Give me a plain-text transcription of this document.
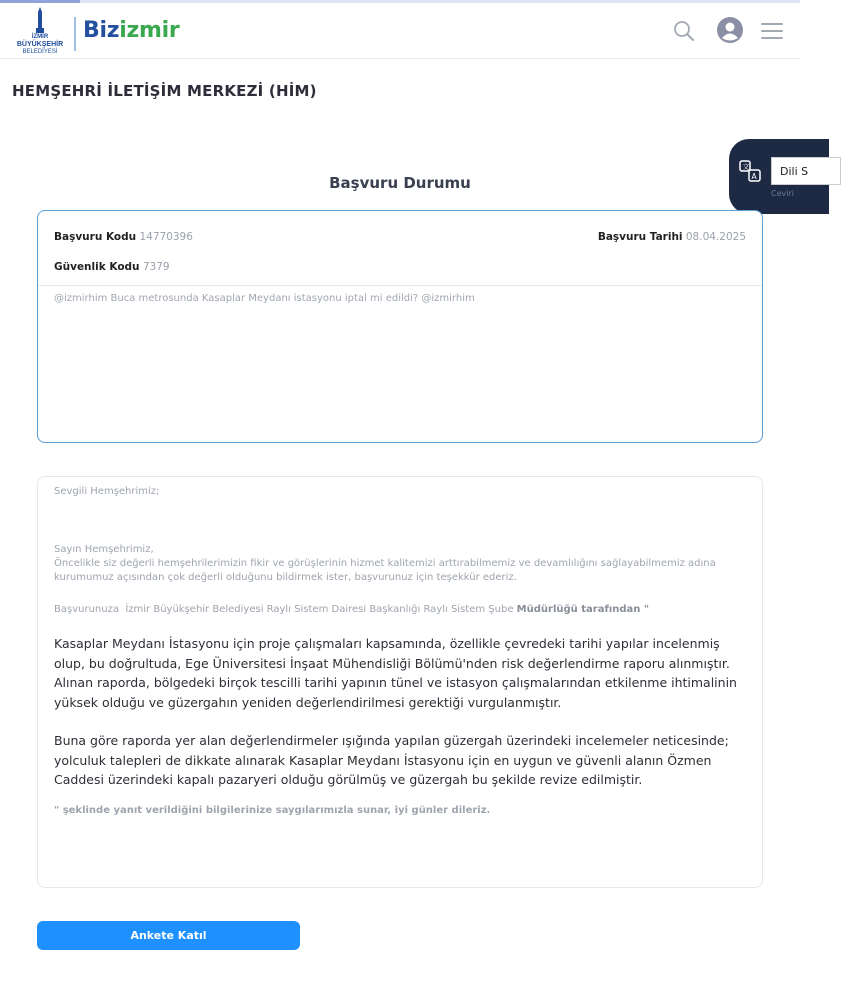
İZMİR
BÜYÜKŞEHİR
BELEDİYESİ
Bizizmir
HEMŞEHRİ İLETİŞİM MERKEZİ (HİM)
文
A	Dili S
Ceviri
Başvuru Durumu
Başvuru Kodu 14770396	Başvuru Tarihi 08.04.2025
Güvenlik Kodu 7379
@izmirhim Buca metrosunda Kasaplar Meydanı istasyonu iptal mi edildi? @izmirhim
Sevgili Hemşehrimiz;
Sayın Hemşehrimiz,
Öncelikle siz değerli hemşehrilerimizin fikir ve görüşlerinin hizmet kalitemizi arttırabilmemiz ve devamlılığını sağlayabilmemiz adına kurumumuz açısından çok değerli olduğunu bildirmek ister, başvurunuz için teşekkür ederiz.
Başvurunuza İzmir Büyükşehir Belediyesi Raylı Sistem Dairesi Başkanlığı Raylı Sistem Şube Müdürlüğü tarafından "
Kasaplar Meydanı İstasyonu için proje çalışmaları kapsamında, özellikle çevredeki tarihi yapılar incelenmiş olup, bu doğrultuda, Ege Üniversitesi İnşaat Mühendisliği Bölümü'nden risk değerlendirme raporu alınmıştır. Alınan raporda, bölgedeki birçok tescilli tarihi yapının tünel ve istasyon çalışmalarından etkilenme ihtimalinin yüksek olduğu ve güzergahın yeniden değerlendirilmesi gerektiği vurgulanmıştır.
Buna göre raporda yer alan değerlendirmeler ışığında yapılan güzergah üzerindeki incelemeler neticesinde; yolculuk talepleri de dikkate alınarak Kasaplar Meydanı İstasyonu için en uygun ve güvenli alanın Özmen Caddesi üzerindeki kapalı pazaryeri olduğu görülmüş ve güzergah bu şekilde revize edilmiştir.
" şeklinde yanıt verildiğini bilgilerinize saygılarımızla sunar, iyi günler dileriz.
Ankete Katıl
